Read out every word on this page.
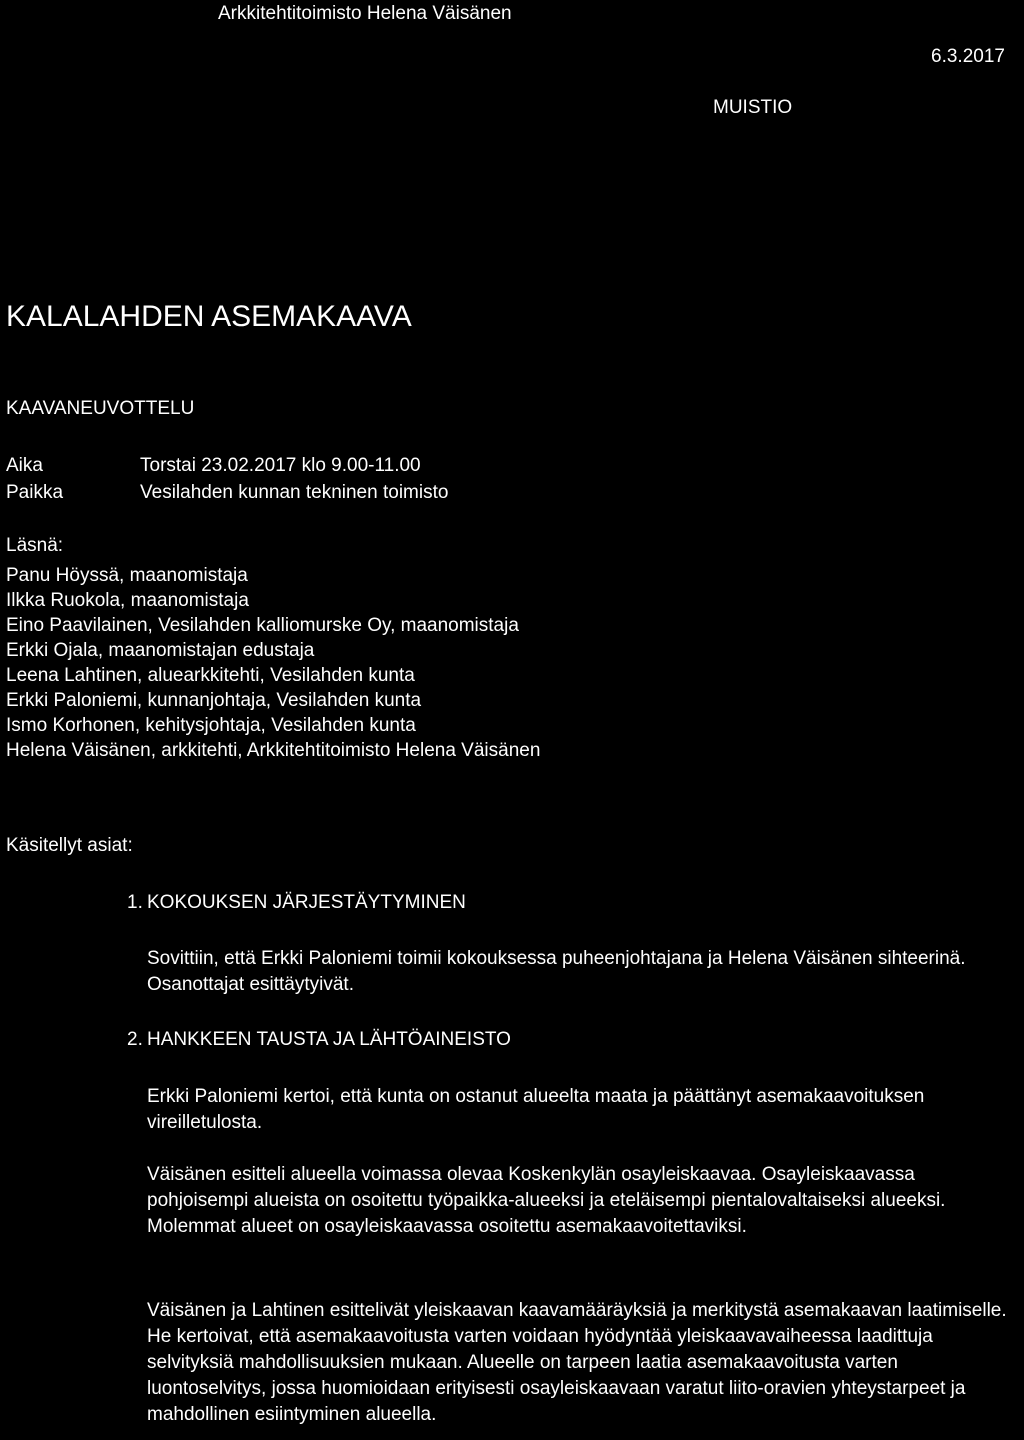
Arkkitehtitoimisto Helena Väisänen
6.3.2017
MUISTIO
KALALAHDEN ASEMAKAAVA
KAAVANEUVOTTELU
Aika	Torstai 23.02.2017 klo 9.00-11.00
Paikka	Vesilahden kunnan tekninen toimisto
Läsnä:
Panu Höyssä, maanomistaja
Ilkka Ruokola, maanomistaja
Eino Paavilainen, Vesilahden kalliomurske Oy, maanomistaja
Erkki Ojala, maanomistajan edustaja
Leena Lahtinen, aluearkkitehti, Vesilahden kunta
Erkki Paloniemi, kunnanjohtaja, Vesilahden kunta
Ismo Korhonen, kehitysjohtaja, Vesilahden kunta
Helena Väisänen, arkkitehti, Arkkitehtitoimisto Helena Väisänen
Käsitellyt asiat:
1. KOKOUKSEN JÄRJESTÄYTYMINEN
Sovittiin, että Erkki Paloniemi toimii kokouksessa puheenjohtajana ja Helena Väisänen sihteerinä. Osanottajat esittäytyivät.
2. HANKKEEN TAUSTA JA LÄHTÖAINEISTO
Erkki Paloniemi kertoi, että kunta on ostanut alueelta maata ja päättänyt asemakaavoituksen vireilletulosta.
Väisänen esitteli alueella voimassa olevaa Koskenkylän osayleiskaavaa. Osayleiskaavassa pohjoisempi alueista on osoitettu työpaikka-alueeksi ja eteläisempi pientalovaltaiseksi alueeksi. Molemmat alueet on osayleiskaavassa osoitettu asemakaavoitettaviksi.
Väisänen ja Lahtinen esittelivät yleiskaavan kaavamääräyksiä ja merkitystä asemakaavan laatimiselle. He kertoivat, että asemakaavoitusta varten voidaan hyödyntää yleiskaavavaiheessa laadittuja selvityksiä mahdollisuuksien mukaan. Alueelle on tarpeen laatia asemakaavoitusta varten luontoselvitys, jossa huomioidaan erityisesti osayleiskaavaan varatut liito-oravien yhteystarpeet ja mahdollinen esiintyminen alueella.
